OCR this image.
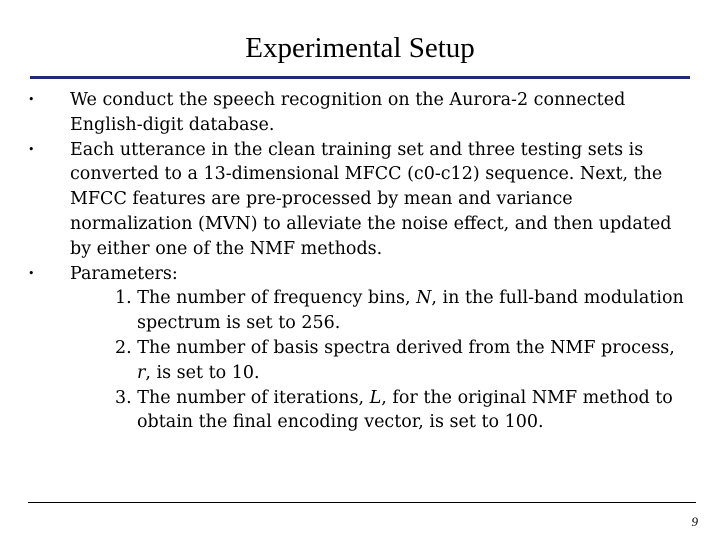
Experimental Setup
• We conduct the speech recognition on the Aurora-2 connected English-digit database.
• Each utterance in the clean training set and three testing sets is converted to a 13-dimensional MFCC (c0-c12) sequence. Next, the MFCC features are pre-processed by mean and variance normalization (MVN) to alleviate the noise effect, and then updated by either one of the NMF methods.
• Parameters:
1. The number of frequency bins, N, in the full-band modulation spectrum is set to 256.
2. The number of basis spectra derived from the NMF process, r, is set to 10.
3. The number of iterations, L, for the original NMF method to obtain the final encoding vector, is set to 100.
9
